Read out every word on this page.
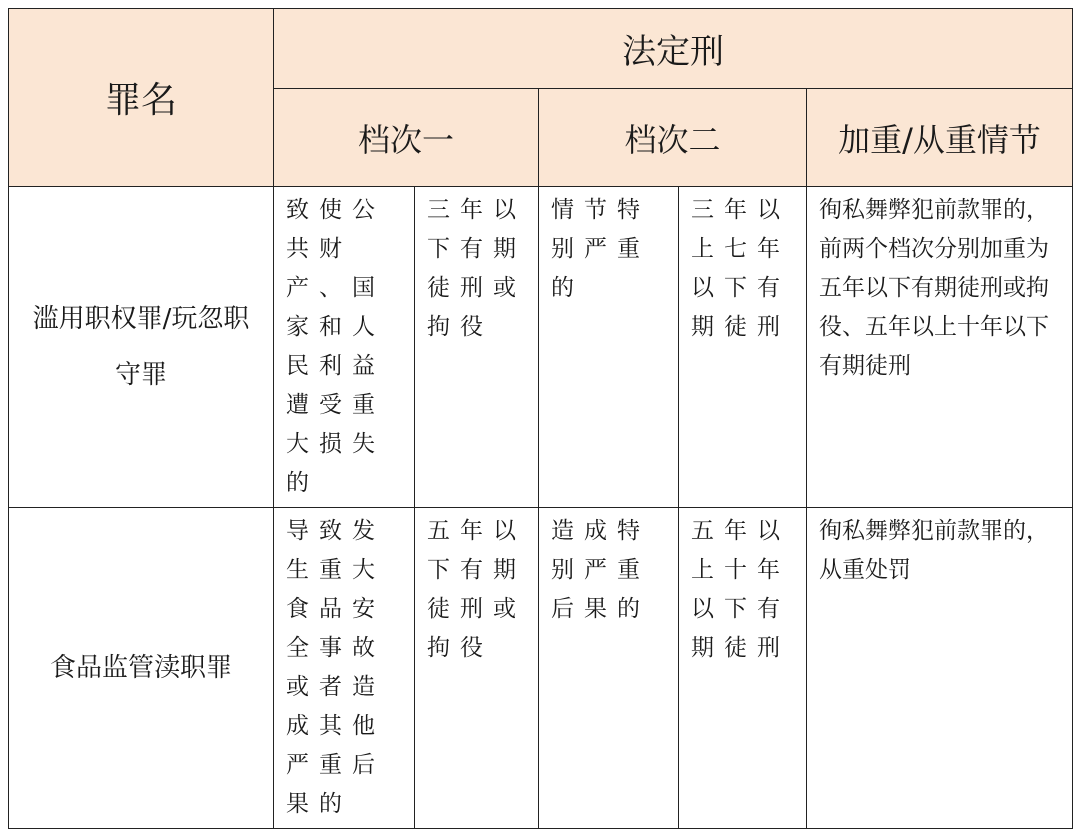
罪名	法定刑				
	档次一		档次二		加重/从重情节
滥用职权罪/玩忽职守罪	致使公共财产、国家和人民利益遭受重大损失的	三年以下有期徒刑或拘役	情节特别严重的	三年以上七年以下有期徒刑	徇私舞弊犯前款罪的，前两个档次分别加重为五年以下有期徒刑或拘役、五年以上十年以下有期徒刑
食品监管渎职罪	导致发生重大食品安全事故或者造成其他严重后果的	五年以下有期徒刑或拘役	造成特别严重后果的	五年以上十年以下有期徒刑	徇私舞弊犯前款罪的，从重处罚
